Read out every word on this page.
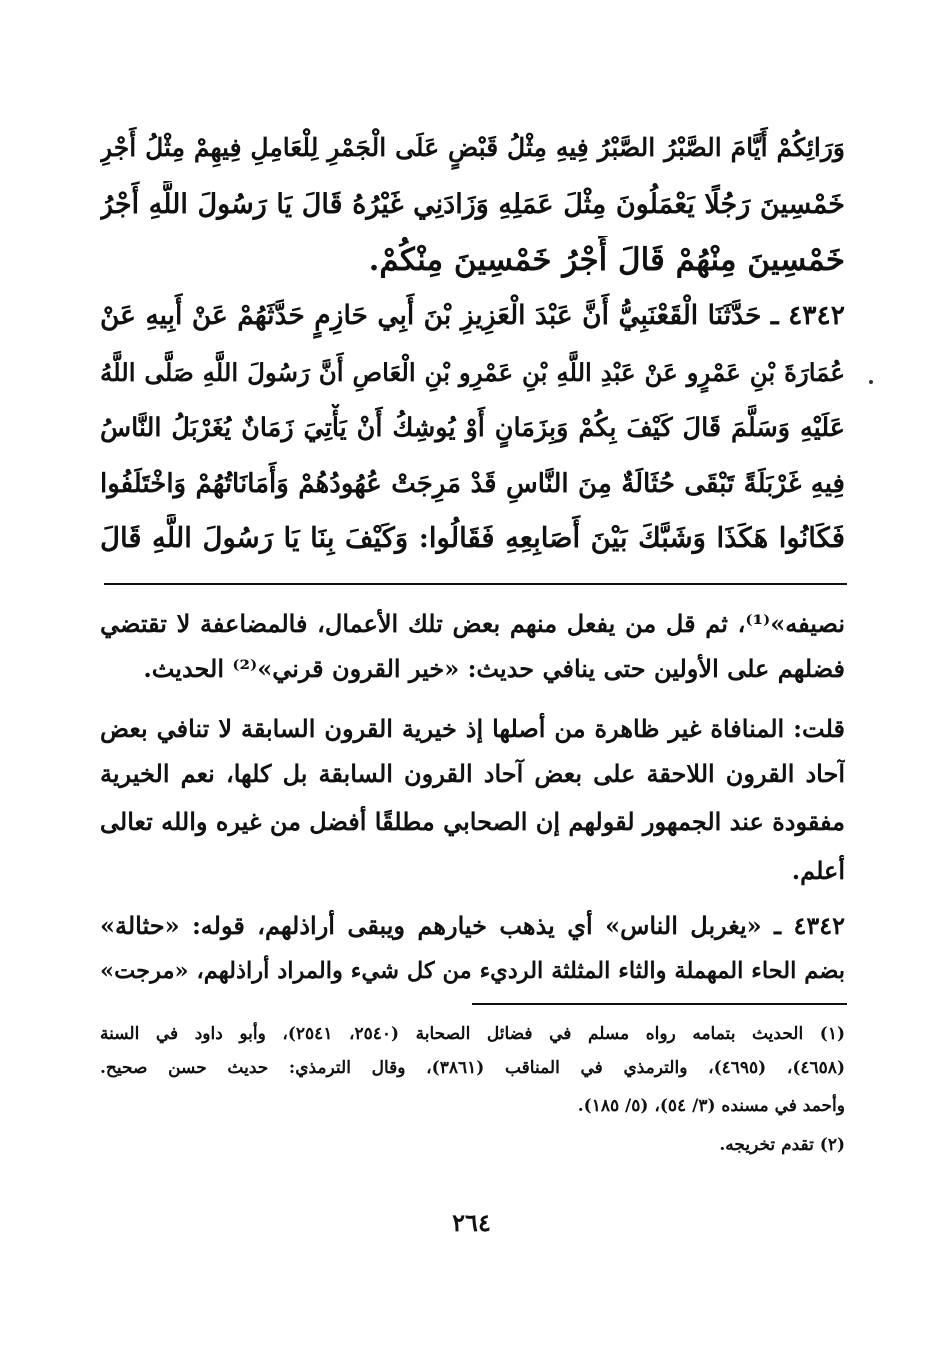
وَرَائِكُمْ أَيَّامَ الصَّبْرُ الصَّبْرُ فِيهِ مِثْلُ قَبْضٍ عَلَى الْجَمْرِ لِلْعَامِلِ فِيهِمْ مِثْلُ أَجْرِ
خَمْسِينَ رَجُلًا يَعْمَلُونَ مِثْلَ عَمَلِهِ وَزَادَنِي غَيْرُهُ قَالَ يَا رَسُولَ اللَّهِ أَجْرُ
خَمْسِينَ مِنْهُمْ قَالَ أَجْرُ خَمْسِينَ مِنْكُمْ.
٤٣٤٢ ـ حَدَّثَنَا الْقَعْنَبِيُّ أَنَّ عَبْدَ الْعَزِيزِ بْنَ أَبِي حَازِمٍ حَدَّثَهُمْ عَنْ أَبِيهِ عَنْ
عُمَارَةَ بْنِ عَمْرٍو عَنْ عَبْدِ اللَّهِ بْنِ عَمْرِو بْنِ الْعَاصِ أَنَّ رَسُولَ اللَّهِ صَلَّى اللَّهُ
عَلَيْهِ وَسَلَّمَ قَالَ كَيْفَ بِكُمْ وَبِزَمَانٍ أَوْ يُوشِكُ أَنْ يَأْتِيَ زَمَانٌ يُغَرْبَلُ النَّاسُ
فِيهِ غَرْبَلَةً تَبْقَى حُثَالَةٌ مِنَ النَّاسِ قَدْ مَرِجَتْ عُهُودُهُمْ وَأَمَانَاتُهُمْ وَاخْتَلَفُوا
فَكَانُوا هَكَذَا وَشَبَّكَ بَيْنَ أَصَابِعِهِ فَقَالُوا: وَكَيْفَ بِنَا يَا رَسُولَ اللَّهِ قَالَ
نصيفه»⁽¹⁾، ثم قل من يفعل منهم بعض تلك الأعمال، فالمضاعفة لا تقتضي
فضلهم على الأولين حتى ينافي حديث: «خير القرون قرني»⁽²⁾ الحديث.
قلت: المنافاة غير ظاهرة من أصلها إذ خيرية القرون السابقة لا تنافي بعض
آحاد القرون اللاحقة على بعض آحاد القرون السابقة بل كلها، نعم الخيرية
مفقودة عند الجمهور لقولهم إن الصحابي مطلقًا أفضل من غيره والله تعالى
أعلم.
٤٣٤٢ ـ «يغربل الناس» أي يذهب خيارهم ويبقى أراذلهم، قوله: «حثالة»
بضم الحاء المهملة والثاء المثلثة الرديء من كل شيء والمراد أراذلهم، «مرجت»
(١) الحديث بتمامه رواه مسلم في فضائل الصحابة (٢٥٤٠، ٢٥٤١)، وأبو داود في السنة
(٤٦٥٨)، (٤٦٩٥)، والترمذي في المناقب (٣٨٦١)، وقال الترمذي: حديث حسن صحيح.
وأحمد في مسنده (٣/ ٥٤)، (٥/ ١٨٥).
(٢) تقدم تخريجه.
٢٦٤
